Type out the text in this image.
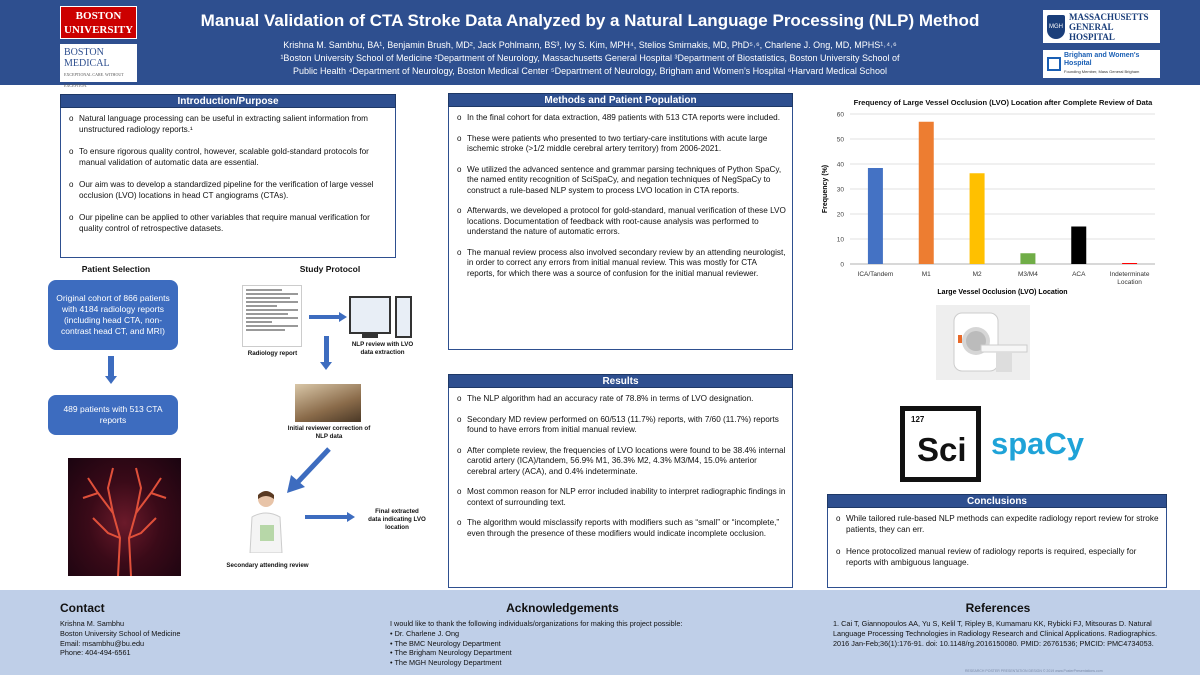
BOSTON
UNIVERSITY
BOSTON
MEDICAL
EXCEPTIONAL CARE. WITHOUT EXCEPTION.
Manual Validation of CTA Stroke Data Analyzed by a Natural Language Processing (NLP) Method
Krishna M. Sambhu, BA¹, Benjamin Brush, MD², Jack Pohlmann, BS³, Ivy S. Kim, MPH⁴, Stelios Smirnakis, MD, PhD⁵˒⁶, Charlene J. Ong, MD, MPHS¹˒⁴˒⁶
¹Boston University School of Medicine ²Department of Neurology, Massachusetts General Hospital ³Department of Biostatistics, Boston University School of
Public Health ⁴Department of Neurology, Boston Medical Center ⁵Department of Neurology, Brigham and Women’s Hospital ⁶Harvard Medical School
MGH
MASSACHUSETTS
GENERAL HOSPITAL
Brigham and Women's Hospital
Founding Member, Mass General Brigham
Introduction/Purpose
o Natural language processing can be useful in extracting salient information from unstructured radiology reports.¹
o To ensure rigorous quality control, however, scalable gold-standard protocols for manual validation of automatic data are essential.
o Our aim was to develop a standardized pipeline for the verification of large vessel occlusion (LVO) locations in head CT angiograms (CTAs).
o Our pipeline can be applied to other variables that require manual verification for quality control of retrospective datasets.
Patient Selection
Original cohort of 866 patients with 4184 radiology reports (including head CTA, non-contrast head CT, and MRI)
489 patients with 513 CTA reports
Study Protocol
Radiology report
NLP review with LVO data extraction
Initial reviewer correction of NLP data
Secondary attending review
Final extracted data indicating LVO location
Methods and Patient Population
o In the final cohort for data extraction, 489 patients with 513 CTA reports were included.
o These were patients who presented to two tertiary-care institutions with acute large ischemic stroke (>1/2 middle cerebral artery territory) from 2006-2021.
o We utilized the advanced sentence and grammar parsing techniques of Python SpaCy, the named entity recognition of SciSpaCy, and negation techniques of NegSpaCy to construct a rule-based NLP system to process LVO location in CTA reports.
o Afterwards, we developed a protocol for gold-standard, manual verification of these LVO locations. Documentation of feedback with root-cause analysis was performed to understand the nature of automatic errors.
o The manual review process also involved secondary review by an attending neurologist, in order to correct any errors from initial manual review. This was mostly for CTA reports, for which there was a source of confusion for the initial manual reviewer.
Results
o The NLP algorithm had an accuracy rate of 78.8% in terms of LVO designation.
o Secondary MD review performed on 60/513 (11.7%) reports, with 7/60 (11.7%) reports found to have errors from initial manual review.
o After complete review, the frequencies of LVO locations were found to be 38.4% internal carotid artery (ICA)/tandem, 56.9% M1, 36.3% M2, 4.3% M3/M4, 15.0% anterior cerebral artery (ACA), and 0.4% indeterminate.
o Most common reason for NLP error included inability to interpret radiographic findings in context of surrounding text.
o The algorithm would misclassify reports with modifiers such as “small” or “incomplete,” even through the presence of these modifiers would indicate incomplete occlusion.
Frequency of Large Vessel Occlusion (LVO) Location after Complete Review of Data
0
10
20
30
40
50
60
ICA/Tandem	M1	M2	M3/M4	ACA	Indeterminate
Location
Frequency (%)
Large Vessel Occlusion (LVO) Location
127
Sci spaCy
Conclusions
o While tailored rule-based NLP methods can expedite radiology report review for stroke patients, they can err.
o Hence protocolized manual review of radiology reports is required, especially for reports with ambiguous language.
Contact
Krishna M. Sambhu
Boston University School of Medicine
Email: msambhu@bu.edu
Phone: 404-494-6561
Acknowledgements
I would like to thank the following individuals/organizations for making this project possible:
• Dr. Charlene J. Ong
• The BMC Neurology Department
• The Brigham Neurology Department
• The MGH Neurology Department
References
1. Cai T, Giannopoulos AA, Yu S, Kelil T, Ripley B, Kumamaru KK, Rybicki FJ, Mitsouras D. Natural Language Processing Technologies in Radiology Research and Clinical Applications. Radiographics. 2016 Jan-Feb;36(1):176-91. doi: 10.1148/rg.2016150080. PMID: 26761536; PMCID: PMC4734053.
RESEARCH POSTER PRESENTATION DESIGN © 2019 www.PosterPresentations.com
